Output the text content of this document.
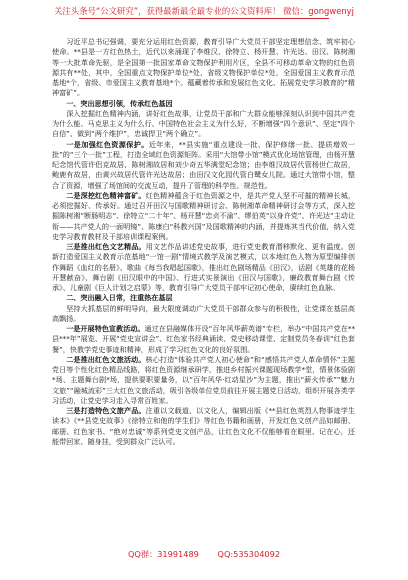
关注头条号“公文研究”，获得最新最全最专业的公文资料库！ 微信：gongwenyj

习近平总书记强调，要充分运用红色资源，教育引导广大党员干部坚定理想信念、筑牢初心使命。**县是一方红色热土，近代以来涌现了李维汉、徐特立、杨开慧、许光达、田汉、陈树湘等一大批革命先驱，是全国第一批国家革命文物保护利用片区，全县不可移动革命文物的红色资源共有**处，其中，全国重点文物保护单位*处，省级文物保护单位*处，全国爱国主义教育示范基地*个，省级、市爱国主义教育基地*个。蕴藏着传承和发展红色文化、拓展党史学习教育的“精神富矿”。

一、突出思想引领，传承红色基因

深入挖掘红色精神内涵，讲好红色故事，让党员干部和广大群众能够深刻认识到中国共产党为什么能、马克思主义为什么行、中国特色社会主义为什么好，不断增强“四个意识”、坚定“四个自信”、做到“两个维护”，忠诚捍卫“两个确立”。

一是加强红色资源保护。近年来，**县实施“重点建设一批、保护修缮一批、提质增效一批”的“三个一批”工程，打造全域红色资源矩阵。采用“大馆带小馆”模式优化场馆管理，由杨开慧纪念馆代管许侣克故居、陈树湘故居和刘少奇五华满堂纪念馆；由李维汉故居代管杨世仁故居，鲍鹿有故居，由黄兴故居代管许光达故居；由田汉文化园代管白鹭女儿院。通过大馆带小馆，整合了资源，增强了场馆间的交流互动，提升了管理的科学性、规范性。

二是深挖红色精神富矿。红色精神蕴含于红色资源之中，是共产党人坚不可摧的精神长城，必须挖掘好、传承好。通过召开田汉与国歌精神研讨会、陈树湘革命精神研讨会等方式，深入挖掘陈树湘“断肠明志”、徐特立“二十年”、杨开慧“忠贞不渝”、缪伯英“以身许党”、许光达“主动让衔——共产党人的一面明镜”、陈康白“科教兴国”及国歌精神的内涵，并提炼其当代价值，纳入党史学习教育教材及干部培训课程案例。

三是推出红色文艺精品。用文艺作品讲述党史故事，进行党史教育潜移默化、更有温度。创新打造爱国主义教育示范基地“一馆一剧”情境式教学及演艺模式，以本地红色人物为原型编排创作舞蹈《血红的名册》、歌曲《每当我唱起国歌》，推出红色剧场精品《田汉》，话剧《英雄的花杨开慧献奋》、舞台剧《田汉眼中的中国》、行进式实景演出《田汉与国歌》，廉政教育舞台剧《传承》、儿童剧《巨人计划之启蒙》等，教育引导广大党员干部牢记初心使命，赓续红色血脉。

二、突出融入日常，注重热在基层

坚持大抓基层的鲜明导向，最大限度调动广大党员干部群众参与的积极性，让党课在基层高高飘扬。

一是开展特色宣教活动。通过在县融媒体开设“百年风华薪英谱”专栏，举办“中国共产党在**县***年”展览、开展“党史宣讲会”、红色家书经典诵读、党史移动课堂、定制党员冬春训“红色套餐”，快教学党史事迹和精神，形成了学习红色文化的良好氛围。

二是推出红色文旅活动。核心打造“体验共产党人初心使命”和“感悟共产党人革命情怀”主题党日等个性化红色精品线路，将红色资源继承研学，推进乡村振兴课题现场教学*堂，情景体验剧*场、主题舞台剧*场，提供要职要量务，以“百年风华·红动星沙”为主题，推出“薪火传承”“魅力文旅”“融城流彩”三大红色文旅活动，吸引各级单位党员前往开展主题党日活动，组织开展各类学习活动，让党史学习走入寻常百姓家。

三是打造特色文旅产品。注重以文载道、以文化人，编辑出版《**县红色英烈人物事迹学生读本》《**县党史故事》《徐特立和他的学生们》等红色书籍和画册，开发红色文创产品如邮册、邮册、红色家书、“绝对忠诚”等系列党史文创产品，让红色文化不仅能够看在眼里、记在心，还能带回家、随身挂，受到群众广泛认可。

QQ群：31991489 QQ:535304092
